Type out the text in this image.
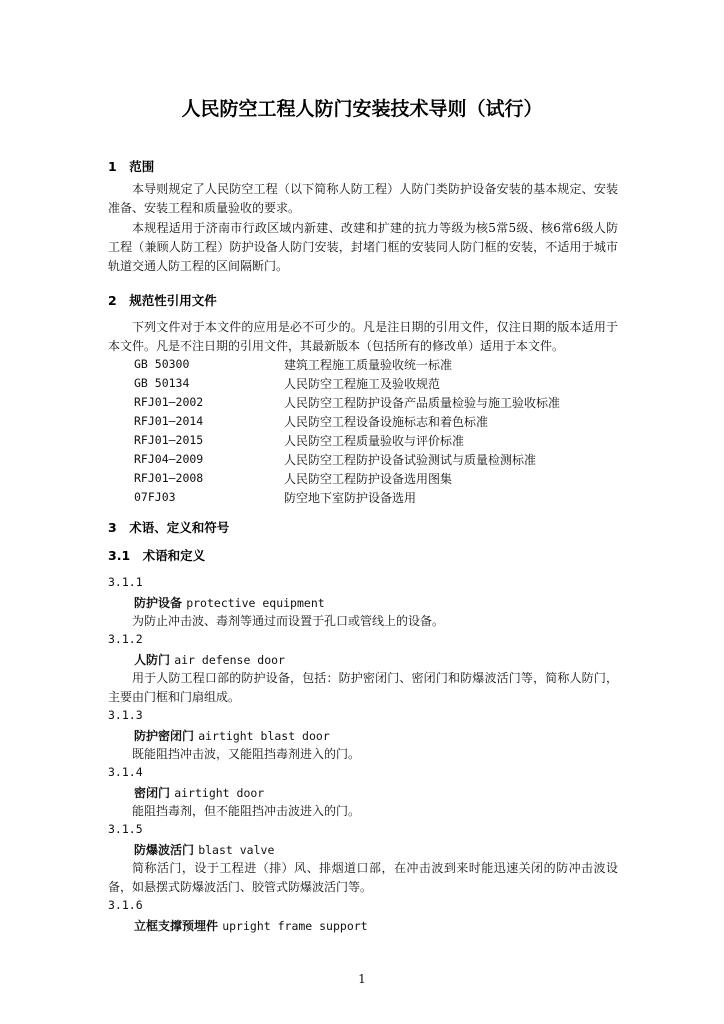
人民防空工程人防门安装技术导则（试行）
1　范围
本导则规定了人民防空工程（以下简称人防工程）人防门类防护设备安装的基本规定、安装准备、安装工程和质量验收的要求。
本规程适用于济南市行政区域内新建、改建和扩建的抗力等级为核5常5级、核6常6级人防工程（兼顾人防工程）防护设备人防门安装，封堵门框的安装同人防门框的安装，不适用于城市轨道交通人防工程的区间隔断门。
2　规范性引用文件
下列文件对于本文件的应用是必不可少的。凡是注日期的引用文件，仅注日期的版本适用于本文件。凡是不注日期的引用文件，其最新版本（包括所有的修改单）适用于本文件。
GB 50300	建筑工程施工质量验收统一标准
GB 50134	人民防空工程施工及验收规范
RFJ01—2002	人民防空工程防护设备产品质量检验与施工验收标准
RFJ01—2014	人民防空工程设备设施标志和着色标准
RFJ01—2015	人民防空工程质量验收与评价标准
RFJ04—2009	人民防空工程防护设备试验测试与质量检测标准
RFJ01—2008	人民防空工程防护设备选用图集
07FJ03	防空地下室防护设备选用
3　术语、定义和符号
3.1　术语和定义
3.1.1
防护设备 protective equipment
为防止冲击波、毒剂等通过而设置于孔口或管线上的设备。
3.1.2
人防门 air defense door
用于人防工程口部的防护设备，包括：防护密闭门、密闭门和防爆波活门等，简称人防门，主要由门框和门扇组成。
3.1.3
防护密闭门 airtight blast door
既能阻挡冲击波，又能阻挡毒剂进入的门。
3.1.4
密闭门 airtight door
能阻挡毒剂，但不能阻挡冲击波进入的门。
3.1.5
防爆波活门 blast valve
简称活门，设于工程进（排）风、排烟道口部，在冲击波到来时能迅速关闭的防冲击波设备，如悬摆式防爆波活门、胶管式防爆波活门等。
3.1.6
立框支撑预埋件 upright frame support
1
